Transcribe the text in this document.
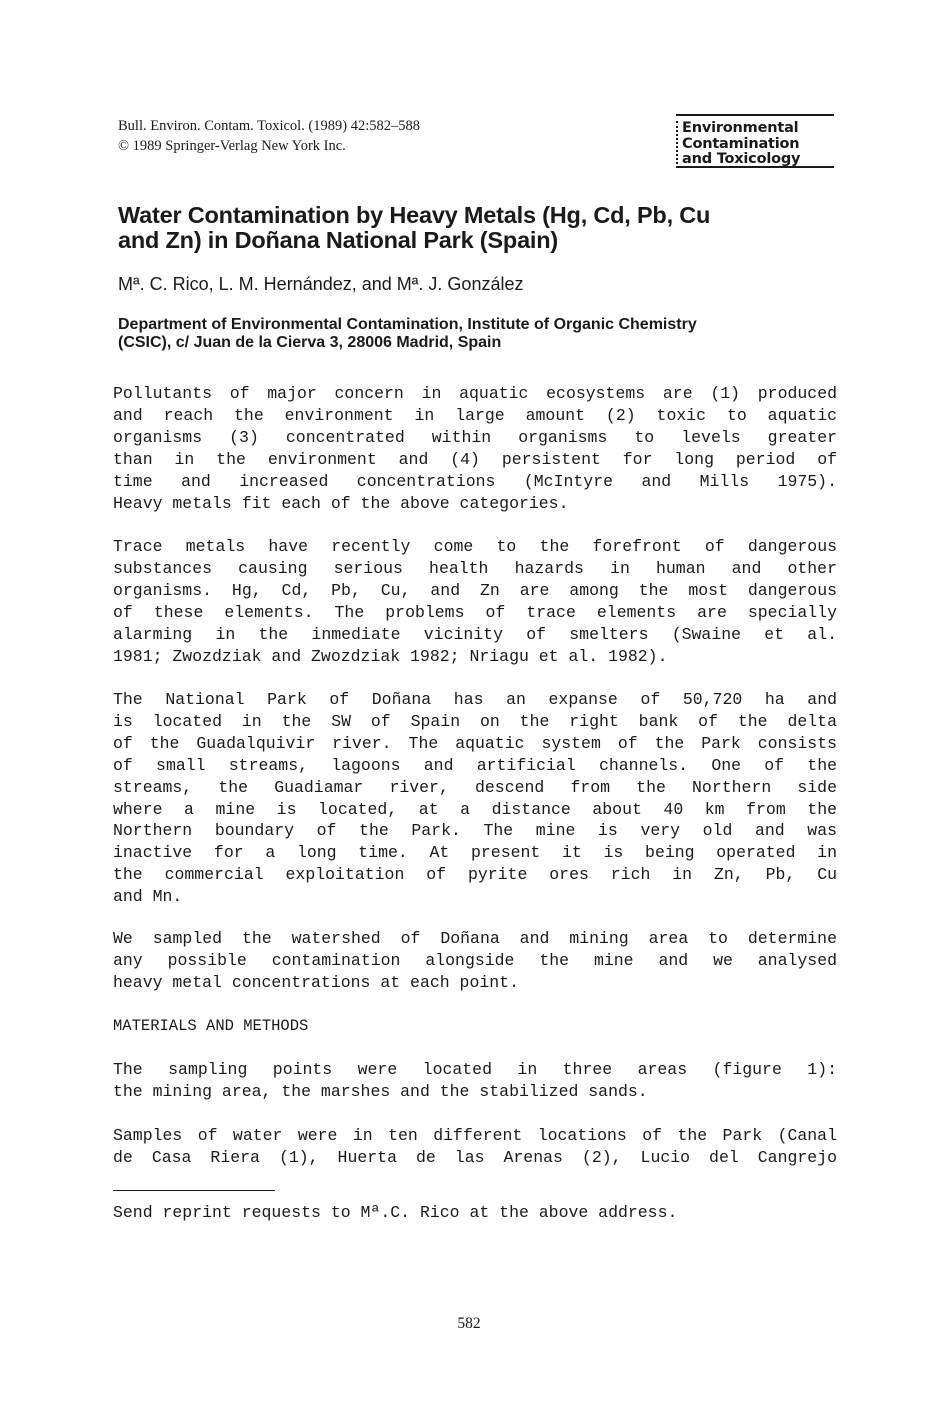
Bull. Environ. Contam. Toxicol. (1989) 42:582–588
© 1989 Springer-Verlag New York Inc.
Environmental
Contamination
and Toxicology
Water Contamination by Heavy Metals (Hg, Cd, Pb, Cu
and Zn) in Doñana National Park (Spain)
Mª. C. Rico, L. M. Hernández, and Mª. J. González
Department of Environmental Contamination, Institute of Organic Chemistry
(CSIC), c/ Juan de la Cierva 3, 28006 Madrid, Spain
Pollutants of major concern in aquatic ecosystems are (1) produced
and reach the environment in large amount (2) toxic to aquatic
organisms (3) concentrated within organisms to levels greater
than in the environment and (4) persistent for long period of
time and increased concentrations (McIntyre and Mills 1975).
Heavy metals fit each of the above categories.
Trace metals have recently come to the forefront of dangerous
substances causing serious health hazards in human and other
organisms. Hg, Cd, Pb, Cu, and Zn are among the most dangerous
of these elements. The problems of trace elements are specially
alarming in the inmediate vicinity of smelters (Swaine et al.
1981; Zwozdziak and Zwozdziak 1982; Nriagu et al. 1982).
The National Park of Doñana has an expanse of 50,720 ha and
is located in the SW of Spain on the right bank of the delta
of the Guadalquivir river. The aquatic system of the Park consists
of small streams, lagoons and artificial channels. One of the
streams, the Guadiamar river, descend from the Northern side
where a mine is located, at a distance about 40 km from the
Northern boundary of the Park. The mine is very old and was
inactive for a long time. At present it is being operated in
the commercial exploitation of pyrite ores rich in Zn, Pb, Cu
and Mn.
We sampled the watershed of Doñana and mining area to determine
any possible contamination alongside the mine and we analysed
heavy metal concentrations at each point.
MATERIALS AND METHODS
The sampling points were located in three areas (figure 1):
the mining area, the marshes and the stabilized sands.
Samples of water were in ten different locations of the Park (Canal
de Casa Riera (1), Huerta de las Arenas (2), Lucio del Cangrejo
Send reprint requests to Mª.C. Rico at the above address.
582
